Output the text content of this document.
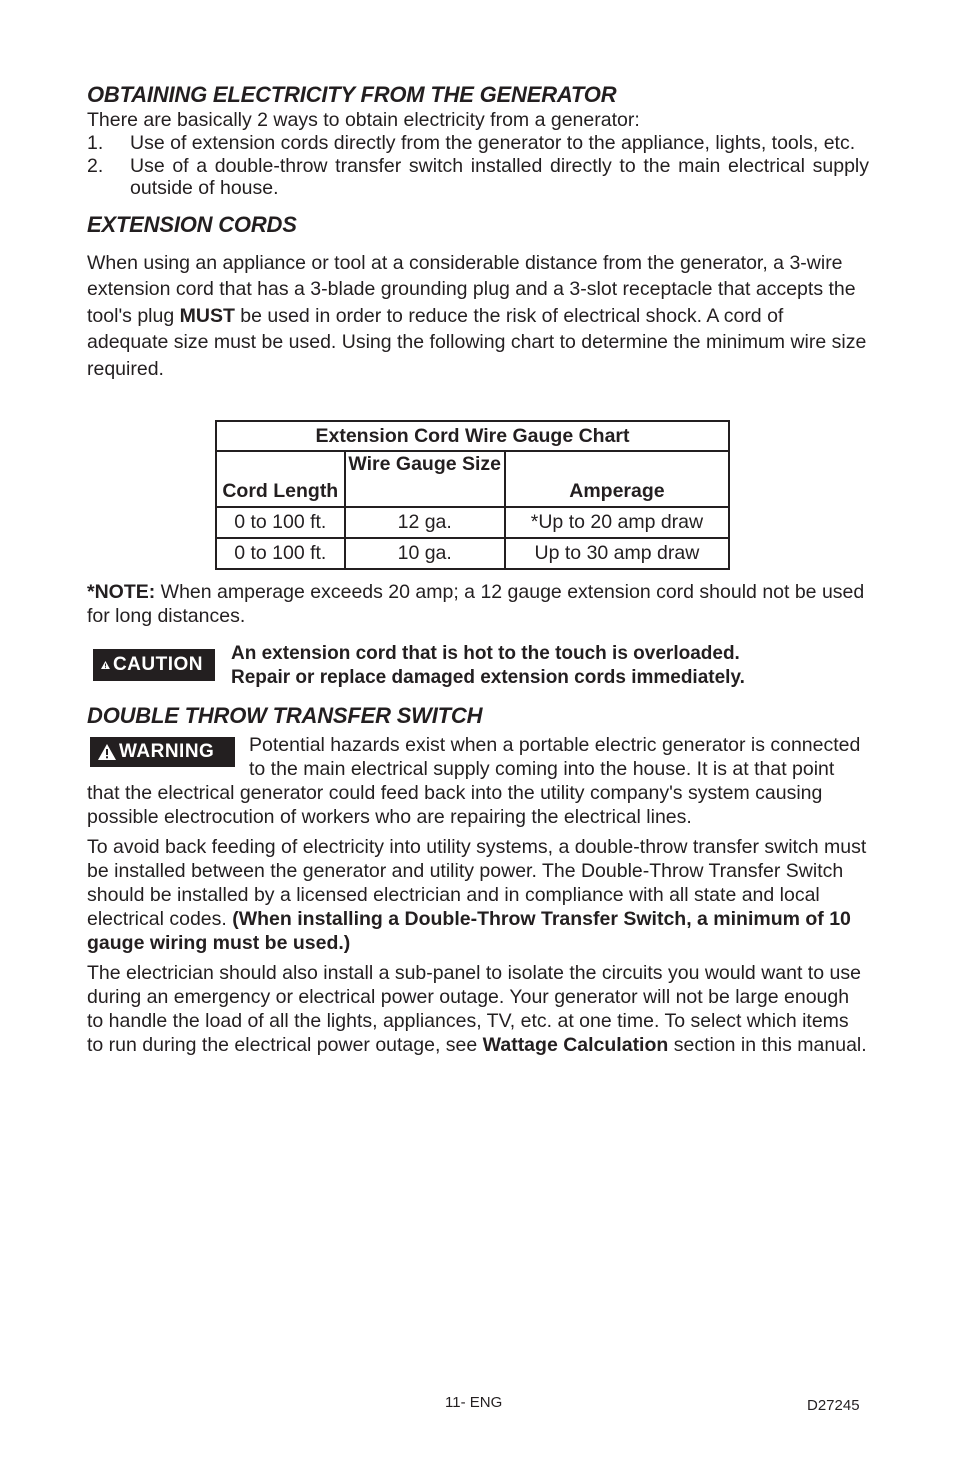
OBTAINING ELECTRICITY FROM THE GENERATOR

There are basically 2 ways to obtain electricity from a generator:

1.	Use of extension cords directly from the generator to the appliance, lights, tools, etc.
2.	Use of a double-throw transfer switch installed directly to the main electrical supply outside of house.
EXTENSION CORDS

When using an appliance or tool at a considerable distance from the generator, a 3-wire extension cord that has a 3-blade grounding plug and a 3-slot receptacle that accepts the tool's plug MUST be used in order to reduce the risk of electrical shock. A cord of adequate size must be used. Using the following chart to determine the minimum wire size required.

Extension Cord Wire Gauge Chart		
Cord Length	Wire Gauge Size	Amperage
0 to 100 ft.	12 ga.	*Up to 20 amp draw
0 to 100 ft.	10 ga.	Up to 30 amp draw

*NOTE: When amperage exceeds 20 amp; a 12 gauge extension cord should not be used for long distances.

CAUTION
An extension cord that is hot to the touch is overloaded.
Repair or replace damaged extension cords immediately.
DOUBLE THROW TRANSFER SWITCH
WARNING Potential hazards exist when a portable electric generator is connected to the main electrical supply coming into the house. It is at that point that the electrical generator could feed back into the utility company's system causing possible electrocution of workers who are repairing the electrical lines.

To avoid back feeding of electricity into utility systems, a double-throw transfer switch must be installed between the generator and utility power. The Double-Throw Transfer Switch should be installed by a licensed electrician and in compliance with all state and local electrical codes. (When installing a Double-Throw Transfer Switch, a minimum of 10 gauge wiring must be used.)

The electrician should also install a sub-panel to isolate the circuits you would want to use during an emergency or electrical power outage. Your generator will not be large enough to handle the load of all the lights, appliances, TV, etc. at one time. To select which items to run during the electrical power outage, see Wattage Calculation section in this manual.

11- ENG	D27245
